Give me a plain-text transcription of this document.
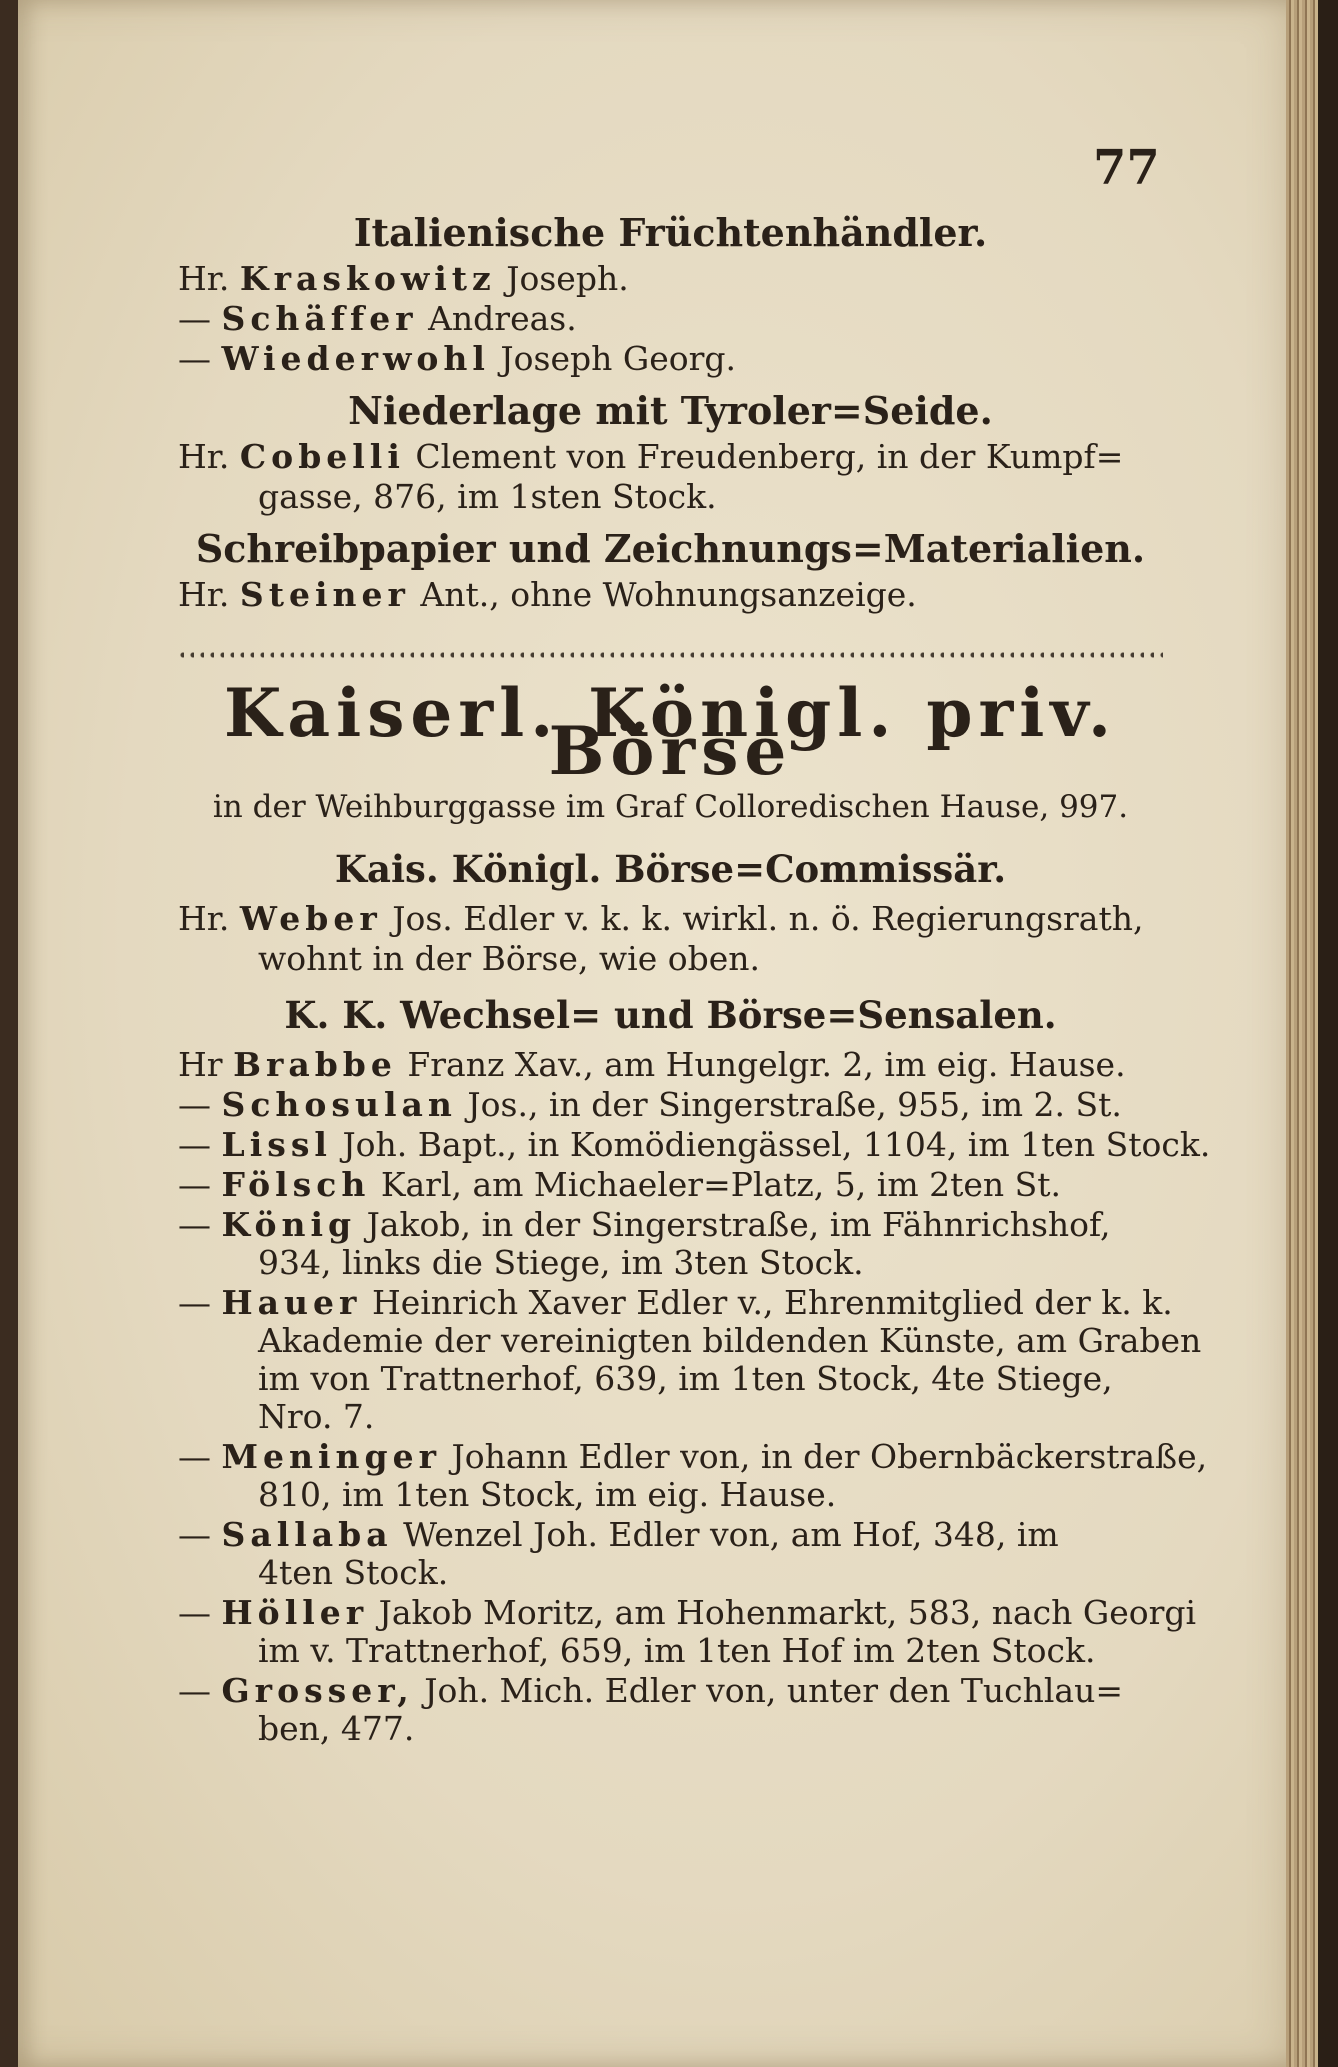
77
Italienische Früchtenhändler.
Hr. Kraskowitz Joseph.
— Schäffer Andreas.
— Wiederwohl Joseph Georg.
Niederlage mit Tyroler=Seide.
Hr. Cobelli Clement von Freudenberg, in der Kumpf=
gasse, 876, im 1sten Stock.
Schreibpapier und Zeichnungs=Materialien.
Hr. Steiner Ant., ohne Wohnungsanzeige.
Kaiserl. Königl. priv. Börse
in der Weihburggasse im Graf Colloredischen Hause, 997.
Kais. Königl. Börse=Commissär.
Hr. Weber Jos. Edler v. k. k. wirkl. n. ö. Regierungsrath,
wohnt in der Börse, wie oben.
K. K. Wechsel= und Börse=Sensalen.
Hr Brabbe Franz Xav., am Hungelgr. 2, im eig. Hause.
— Schosulan Jos., in der Singerstraße, 955, im 2. St.
— Lissl Joh. Bapt., in Komödiengässel, 1104, im 1ten Stock.
— Fölsch Karl, am Michaeler=Platz, 5, im 2ten St.
— König Jakob, in der Singerstraße, im Fähnrichshof,
934, links die Stiege, im 3ten Stock.
— Hauer Heinrich Xaver Edler v., Ehrenmitglied der k. k.
Akademie der vereinigten bildenden Künste, am Graben
im von Trattnerhof, 639, im 1ten Stock, 4te Stiege,
Nro. 7.
— Meninger Johann Edler von, in der Obernbäckerstraße,
810, im 1ten Stock, im eig. Hause.
— Sallaba Wenzel Joh. Edler von, am Hof, 348, im
4ten Stock.
— Höller Jakob Moritz, am Hohenmarkt, 583, nach Georgi
im v. Trattnerhof, 659, im 1ten Hof im 2ten Stock.
— Grosser, Joh. Mich. Edler von, unter den Tuchlau=
ben, 477.
